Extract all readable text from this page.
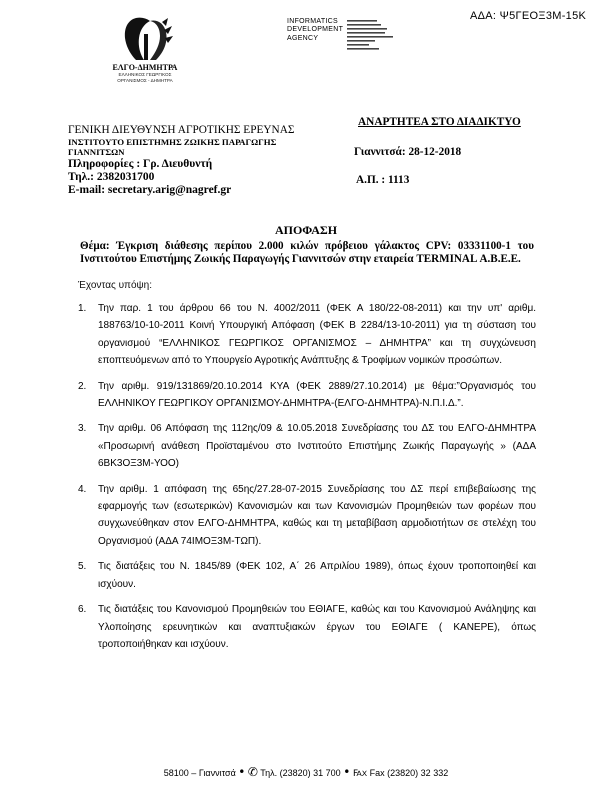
ΑΔΑ: Ψ5ΓΕΟΞ3Μ-15Κ
ΕΛΓΟ-ΔΗΜΗΤΡΑ
ΕΛΛΗΝΙΚΟΣ ΓΕΩΡΓΙΚΟΣ
ΟΡΓΑΝΙΣΜΟΣ - ΔΗΜΗΤΡΑ
INFORMATICS
DEVELOPMENT
AGENCY
ΓΕΝΙΚΗ ΔΙΕΥΘΥΝΣΗ ΑΓΡΟΤΙΚΗΣ ΕΡΕΥΝΑΣ
ΙΝΣΤΙΤΟΥΤΟ ΕΠΙΣΤΗΜΗΣ ΖΩΙΚΗΣ ΠΑΡΑΓΩΓΗΣ
ΓΙΑΝΝΙΤΣΩΝ
Πληροφορίες : Γρ. Διευθυντή
Τηλ.: 2382031700
E-mail: secretary.arig@nagref.gr
ΑΝΑΡΤΗΤΕΑ ΣΤΟ ΔΙΑΔΙΚΤΥΟ
Γιαννιτσά: 28-12-2018
Α.Π. : 1113
ΑΠΟΦΑΣΗ
Θέμα: Έγκριση διάθεσης περίπου 2.000 κιλών πρόβειου γάλακτος CPV: 03331100-1 του Ινστιτούτου Επιστήμης Ζωικής Παραγωγής Γιαννιτσών στην εταιρεία TERMINAL Α.Β.Ε.Ε.
Έχοντας υπόψη:
1.	Την παρ. 1 του άρθρου 66 του Ν. 4002/2011 (ΦΕΚ Α 180/22-08-2011) και την υπ' αριθμ. 188763/10-10-2011 Κοινή Υπουργική Απόφαση (ΦΕΚ Β 2284/13-10-2011) για τη σύσταση του οργανισμού “ΕΛΛΗΝΙΚΟΣ ΓΕΩΡΓΙΚΟΣ ΟΡΓΑΝΙΣΜΟΣ – ΔΗΜΗΤΡΑ” και τη συγχώνευση εποπτευόμενων από το Υπουργείο Αγροτικής Ανάπτυξης & Τροφίμων νομικών προσώπων.
2.	Την αριθμ. 919/131869/20.10.2014 ΚΥΑ (ΦΕΚ 2889/27.10.2014) με θέμα:”Οργανισμός του ΕΛΛΗΝΙΚΟΥ ΓΕΩΡΓΙΚΟΥ ΟΡΓΑΝΙΣΜΟΥ-ΔΗΜΗΤΡΑ-(ΕΛΓΟ-ΔΗΜΗΤΡΑ)-Ν.Π.Ι.Δ.”.
3.	Την αριθμ. 06 Απόφαση της 112ης/09 & 10.05.2018 Συνεδρίασης του ΔΣ του ΕΛΓΟ-ΔΗΜΗΤΡΑ «Προσωρινή ανάθεση Προϊσταμένου στο Ινστιτούτο Επιστήμης Ζωικής Παραγωγής » (ΑΔΑ 6ΒΚ3ΟΞ3Μ-ΥΟΟ)
4.	Την αριθμ. 1 απόφαση της 65ης/27.28-07-2015 Συνεδρίασης του ΔΣ περί επιβεβαίωσης της εφαρμογής των (εσωτερικών) Κανονισμών και των Κανονισμών Προμηθειών των φορέων που συγχωνεύθηκαν στον ΕΛΓΟ-ΔΗΜΗΤΡΑ, καθώς και τη μεταβίβαση αρμοδιοτήτων σε στελέχη του Οργανισμού (ΑΔΑ 74ΙΜΟΞ3Μ-ΤΩΠ).
5.	Τις διατάξεις του Ν. 1845/89 (ΦΕΚ 102, Α΄ 26 Απριλίου 1989), όπως έχουν τροποποιηθεί και ισχύουν.
6.	Τις διατάξεις του Κανονισμού Προμηθειών του ΕΘΙΑΓΕ, καθώς και του Κανονισμού Ανάληψης και Υλοποίησης ερευνητικών και αναπτυξιακών έργων του ΕΘΙΑΓΕ ( ΚΑΝΕΡΕ), όπως τροποποιήθηκαν και ισχύουν.
58100 – Γιαννιτσά • ✆ Τηλ. (23820) 31 700 • ℻ Fax (23820) 32 332
